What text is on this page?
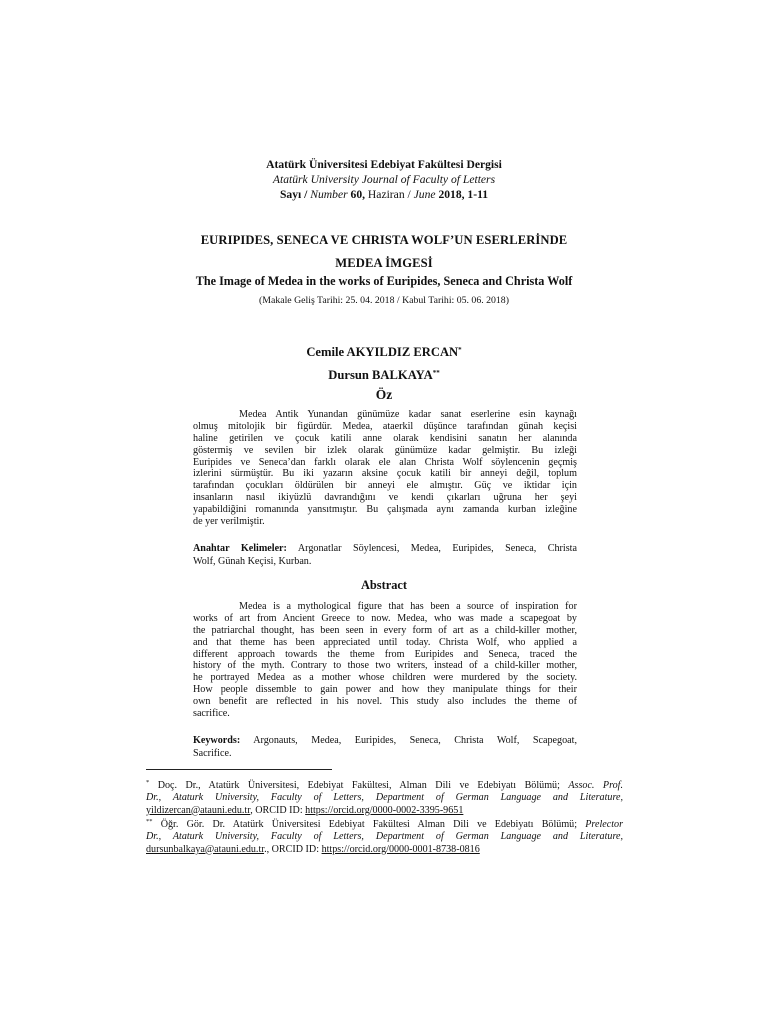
Atatürk Üniversitesi Edebiyat Fakültesi Dergisi
Atatürk University Journal of Faculty of Letters
Sayı / Number 60, Haziran / June 2018, 1-11
EURIPIDES, SENECA VE CHRISTA WOLF’UN ESERLERİNDE
MEDEA İMGESİ
The Image of Medea in the works of Euripides, Seneca and Christa Wolf
(Makale Geliş Tarihi: 25. 04. 2018 / Kabul Tarihi: 05. 06. 2018)
Cemile AKYILDIZ ERCAN*
Dursun BALKAYA**
Öz
Medea Antik Yunandan günümüze kadar sanat eserlerine esin kaynağı
olmuş mitolojik bir figürdür. Medea, ataerkil düşünce tarafından günah keçisi
haline getirilen ve çocuk katili anne olarak kendisini sanatın her alanında
göstermiş ve sevilen bir izlek olarak günümüze kadar gelmiştir. Bu izleği
Euripides ve Seneca’dan farklı olarak ele alan Christa Wolf söylencenin geçmiş
izlerini sürmüştür. Bu iki yazarın aksine çocuk katili bir anneyi değil, toplum
tarafından çocukları öldürülen bir anneyi ele almıştır. Güç ve iktidar için
insanların nasıl ikiyüzlü davrandığını ve kendi çıkarları uğruna her şeyi
yapabildiğini romanında yansıtmıştır. Bu çalışmada aynı zamanda kurban izleğine
de yer verilmiştir.
Anahtar Kelimeler: Argonatlar Söylencesi, Medea, Euripides, Seneca, Christa
Wolf, Günah Keçisi, Kurban.
Abstract
Medea is a mythological figure that has been a source of inspiration for
works of art from Ancient Greece to now. Medea, who was made a scapegoat by
the patriarchal thought, has been seen in every form of art as a child-killer mother,
and that theme has been appreciated until today. Christa Wolf, who applied a
different approach towards the theme from Euripides and Seneca, traced the
history of the myth. Contrary to those two writers, instead of a child-killer mother,
he portrayed Medea as a mother whose children were murdered by the society.
How people dissemble to gain power and how they manipulate things for their
own benefit are reflected in his novel. This study also includes the theme of
sacrifice.
Keywords: Argonauts, Medea, Euripides, Seneca, Christa Wolf, Scapegoat,
Sacrifice.
* Doç. Dr., Atatürk Üniversitesi, Edebiyat Fakültesi, Alman Dili ve Edebiyatı Bölümü; Assoc. Prof.
Dr., Ataturk University, Faculty of Letters, Department of German Language and Literature,
yildizercan@atauni.edu.tr, ORCID ID: https://orcid.org/0000-0002-3395-9651
** Öğr. Gör. Dr. Atatürk Üniversitesi Edebiyat Fakültesi Alman Dili ve Edebiyatı Bölümü; Prelector
Dr., Ataturk University, Faculty of Letters, Department of German Language and Literature,
dursunbalkaya@atauni.edu.tr., ORCID ID: https://orcid.org/0000-0001-8738-0816
